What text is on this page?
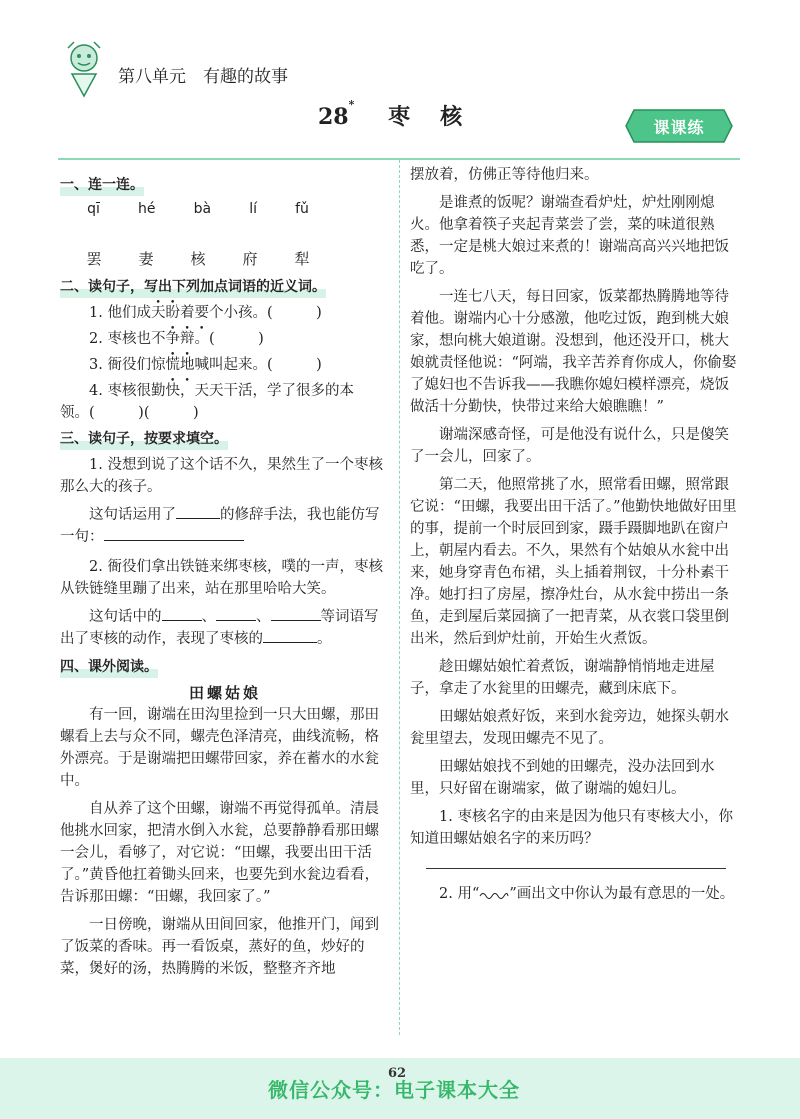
第八单元　有趣的故事
28* 枣核	课课练
一、连一连。
qī	hé	bà	lí	fǔ
罢 妻 核 府 犁
二、读句子，写出下列加点词语的近义词。

1. 他们成天盼着要个小孩。(　　　)

2. 枣核也不争辩。(　　　)

3. 衙役们惊慌地喊叫起来。(　　　)

4. 枣核很勤快，天天干活，学了很多的本

领。(　　　)(　　　)

三、读句子，按要求填空。

1. 没想到说了这个话不久，果然生了一个枣核那么大的孩子。

这句话运用了	的修辞手法，我也能仿写一句：

2. 衙役们拿出铁链来绑枣核，噗的一声，枣核从铁链缝里蹦了出来，站在那里哈哈大笑。

这句话中的	、	、	等词语写出了枣核的动作，表现了枣核的	。

四、课外阅读。

田螺姑娘

有一回，谢端在田沟里捡到一只大田螺，那田螺看上去与众不同，螺壳色泽清亮，曲线流畅，格外漂亮。于是谢端把田螺带回家，养在蓄水的水瓮中。

自从养了这个田螺，谢端不再觉得孤单。清晨他挑水回家，把清水倒入水瓮，总要静静看那田螺一会儿，看够了，对它说：“田螺，我要出田干活了。”黄昏他扛着锄头回来，也要先到水瓮边看看，告诉那田螺：“田螺，我回家了。”

一日傍晚，谢端从田间回家，他推开门，闻到了饭菜的香味。再一看饭桌，蒸好的鱼，炒好的菜，煲好的汤，热腾腾的米饭，整整齐齐地

摆放着，仿佛正等待他归来。

是谁煮的饭呢？谢端查看炉灶，炉灶刚刚熄火。他拿着筷子夹起青菜尝了尝，菜的味道很熟悉，一定是桃大娘过来煮的！谢端高高兴兴地把饭吃了。

一连七八天，每日回家，饭菜都热腾腾地等待着他。谢端内心十分感激，他吃过饭，跑到桃大娘家，想向桃大娘道谢。没想到，他还没开口，桃大娘就责怪他说：“阿端，我辛苦养育你成人，你偷娶了媳妇也不告诉我——我瞧你媳妇模样漂亮，烧饭做活十分勤快，快带过来给大娘瞧瞧！”

谢端深感奇怪，可是他没有说什么，只是傻笑了一会儿，回家了。

第二天，他照常挑了水，照常看田螺，照常跟它说：“田螺，我要出田干活了。”他勤快地做好田里的事，提前一个时辰回到家，蹑手蹑脚地趴在窗户上，朝屋内看去。不久，果然有个姑娘从水瓮中出来，她身穿青色布裙，头上插着荆钗，十分朴素干净。她打扫了房屋，擦净灶台，从水瓮中捞出一条鱼，走到屋后菜园摘了一把青菜，从衣裳口袋里倒出米，然后到炉灶前，开始生火煮饭。

趁田螺姑娘忙着煮饭，谢端静悄悄地走进屋子，拿走了水瓮里的田螺壳，藏到床底下。

田螺姑娘煮好饭，来到水瓮旁边，她探头朝水瓮里望去，发现田螺壳不见了。

田螺姑娘找不到她的田螺壳，没办法回到水里，只好留在谢端家，做了谢端的媳妇儿。

1. 枣核名字的由来是因为他只有枣核大小，你知道田螺姑娘名字的来历吗？

2. 用“ ”画出文中你认为最有意思的一处。

62
微信公众号：电子课本大全
